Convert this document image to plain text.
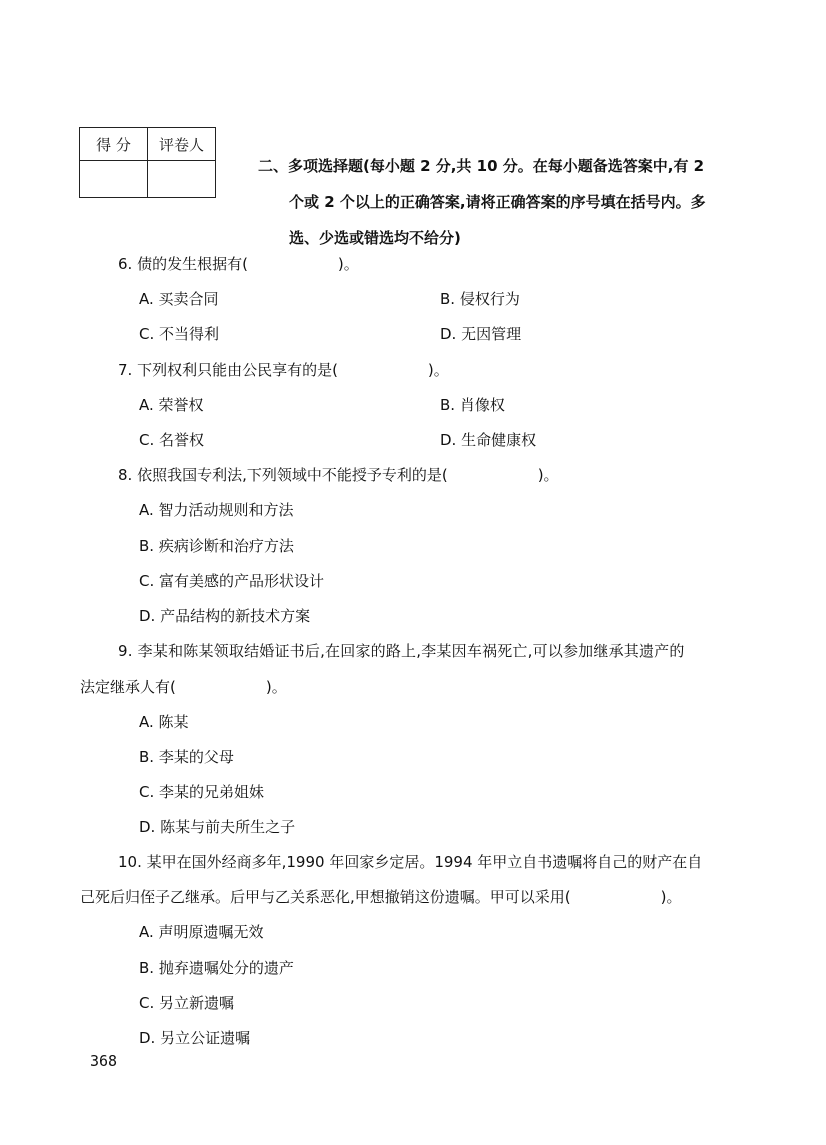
得 分	评卷人

二、多项选择题(每小题 2 分,共 10 分。在每小题备选答案中,有 2
个或 2 个以上的正确答案,请将正确答案的序号填在括号内。多
选、少选或错选均不给分)
6. 债的发生根据有(　　　　　　)。
A. 买卖合同	B. 侵权行为
C. 不当得利	D. 无因管理
7. 下列权利只能由公民享有的是(　　　　　　)。
A. 荣誉权	B. 肖像权
C. 名誉权	D. 生命健康权
8. 依照我国专利法,下列领域中不能授予专利的是(　　　　　　)。
A. 智力活动规则和方法
B. 疾病诊断和治疗方法
C. 富有美感的产品形状设计
D. 产品结构的新技术方案
9. 李某和陈某领取结婚证书后,在回家的路上,李某因车祸死亡,可以参加继承其遗产的
法定继承人有(　　　　　　)。
A. 陈某
B. 李某的父母
C. 李某的兄弟姐妹
D. 陈某与前夫所生之子
10. 某甲在国外经商多年,1990 年回家乡定居。1994 年甲立自书遗嘱将自己的财产在自
己死后归侄子乙继承。后甲与乙关系恶化,甲想撤销这份遗嘱。甲可以采用(　　　　　　)。
A. 声明原遗嘱无效
B. 抛弃遗嘱处分的遗产
C. 另立新遗嘱
D. 另立公证遗嘱
368
